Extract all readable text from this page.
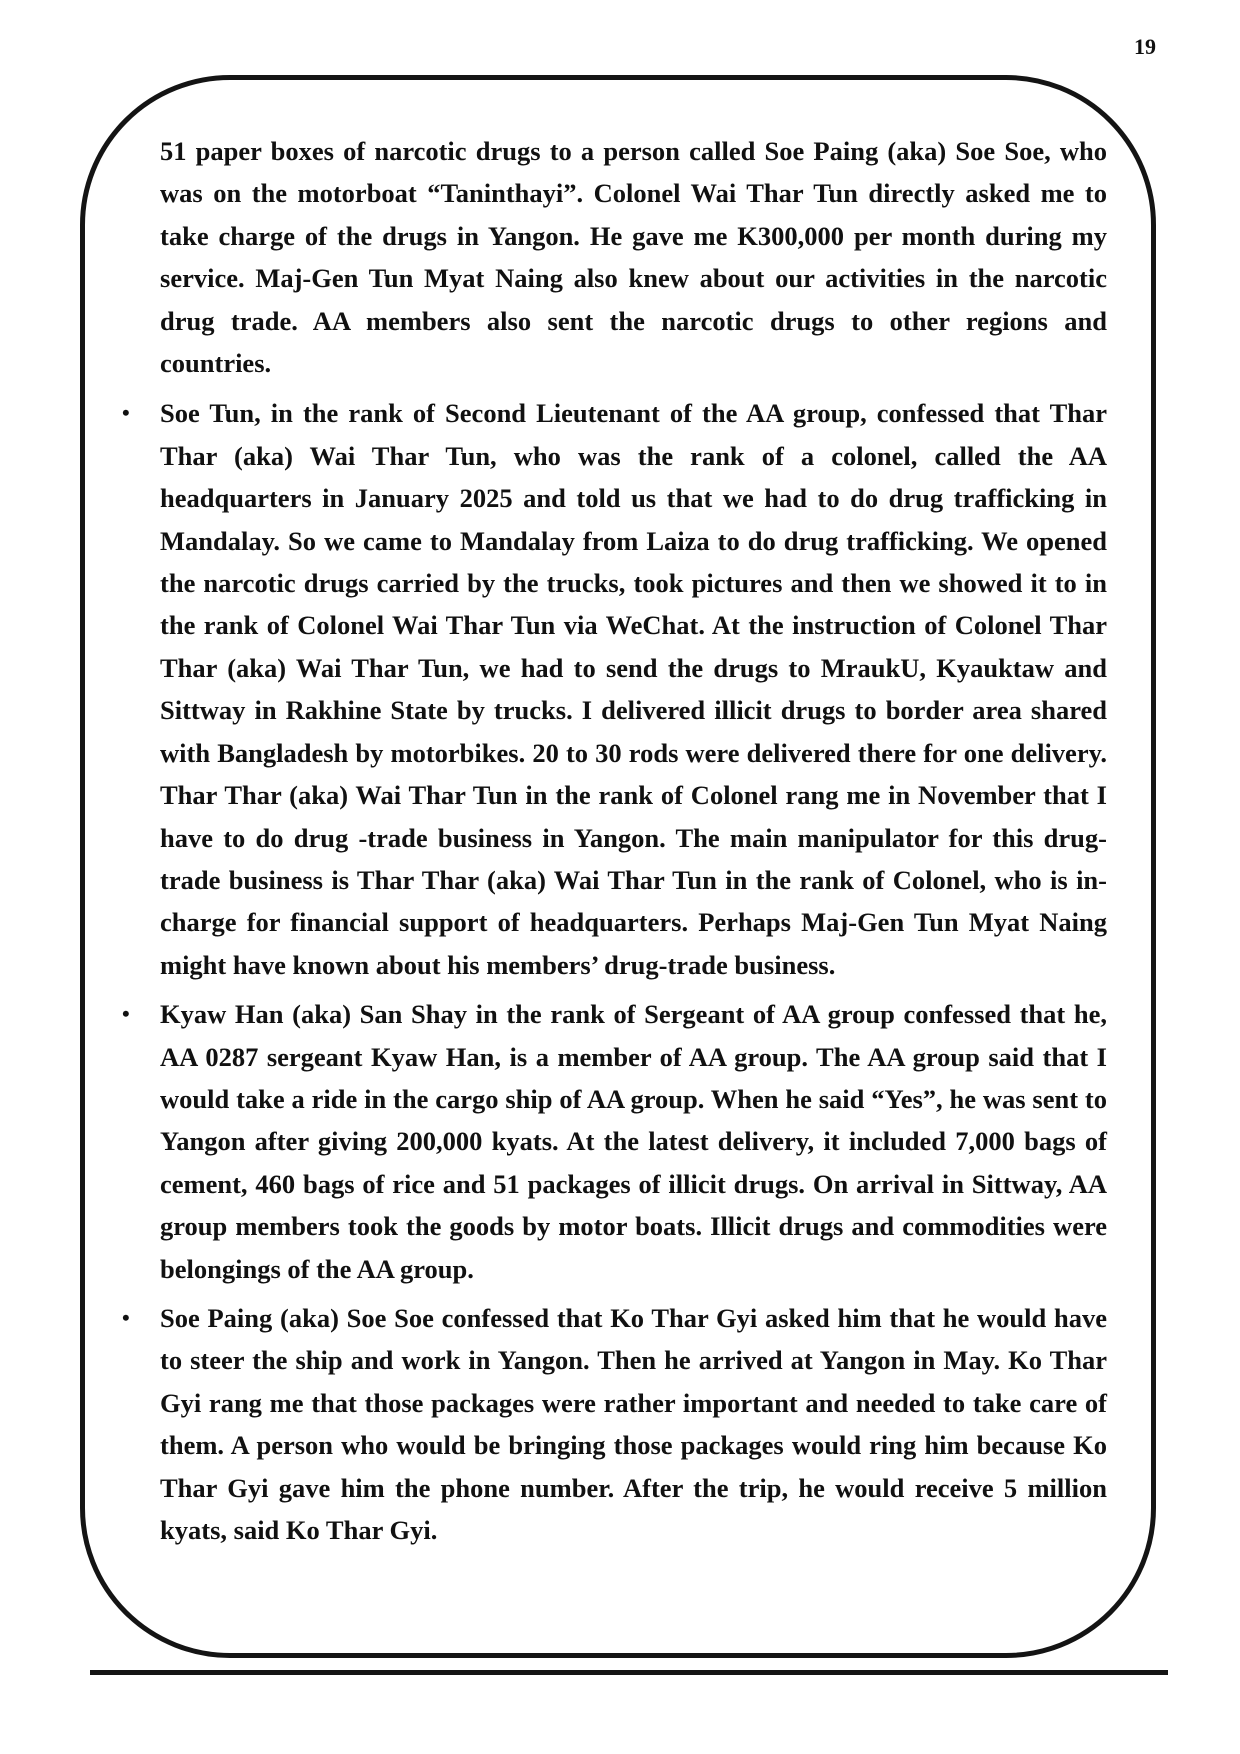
19

51 paper boxes of narcotic drugs to a person called Soe Paing (aka) Soe Soe, who was on the motorboat “Taninthayi”. Colonel Wai Thar Tun directly asked me to take charge of the drugs in Yangon. He gave me K300,000 per month during my service. Maj-Gen Tun Myat Naing also knew about our activities in the narcotic drug trade. AA members also sent the narcotic drugs to other regions and countries.

• Soe Tun, in the rank of Second Lieutenant of the AA group, confessed that Thar Thar (aka) Wai Thar Tun, who was the rank of a colonel, called the AA headquarters in January 2025 and told us that we had to do drug trafficking in Mandalay. So we came to Mandalay from Laiza to do drug trafficking. We opened the narcotic drugs carried by the trucks, took pictures and then we showed it to in the rank of Colonel Wai Thar Tun via WeChat. At the instruction of Colonel Thar Thar (aka) Wai Thar Tun, we had to send the drugs to MraukU, Kyauktaw and Sittway in Rakhine State by trucks. I delivered illicit drugs to border area shared with Bangladesh by motorbikes. 20 to 30 rods were delivered there for one delivery. Thar Thar (aka) Wai Thar Tun in the rank of Colonel rang me in November that I have to do drug -trade business in Yangon. The main manipulator for this drug-trade business is Thar Thar (aka) Wai Thar Tun in the rank of Colonel, who is in-charge for financial support of headquarters. Perhaps Maj-Gen Tun Myat Naing might have known about his members’ drug-trade business.
• Kyaw Han (aka) San Shay in the rank of Sergeant of AA group confessed that he, AA 0287 sergeant Kyaw Han, is a member of AA group. The AA group said that I would take a ride in the cargo ship of AA group. When he said “Yes”, he was sent to Yangon after giving 200,000 kyats. At the latest delivery, it included 7,000 bags of cement, 460 bags of rice and 51 packages of illicit drugs. On arrival in Sittway, AA group members took the goods by motor boats. Illicit drugs and commodities were belongings of the AA group.
• Soe Paing (aka) Soe Soe confessed that Ko Thar Gyi asked him that he would have to steer the ship and work in Yangon. Then he arrived at Yangon in May. Ko Thar Gyi rang me that those packages were rather important and needed to take care of them. A person who would be bringing those packages would ring him because Ko Thar Gyi gave him the phone number. After the trip, he would receive 5 million kyats, said Ko Thar Gyi.
